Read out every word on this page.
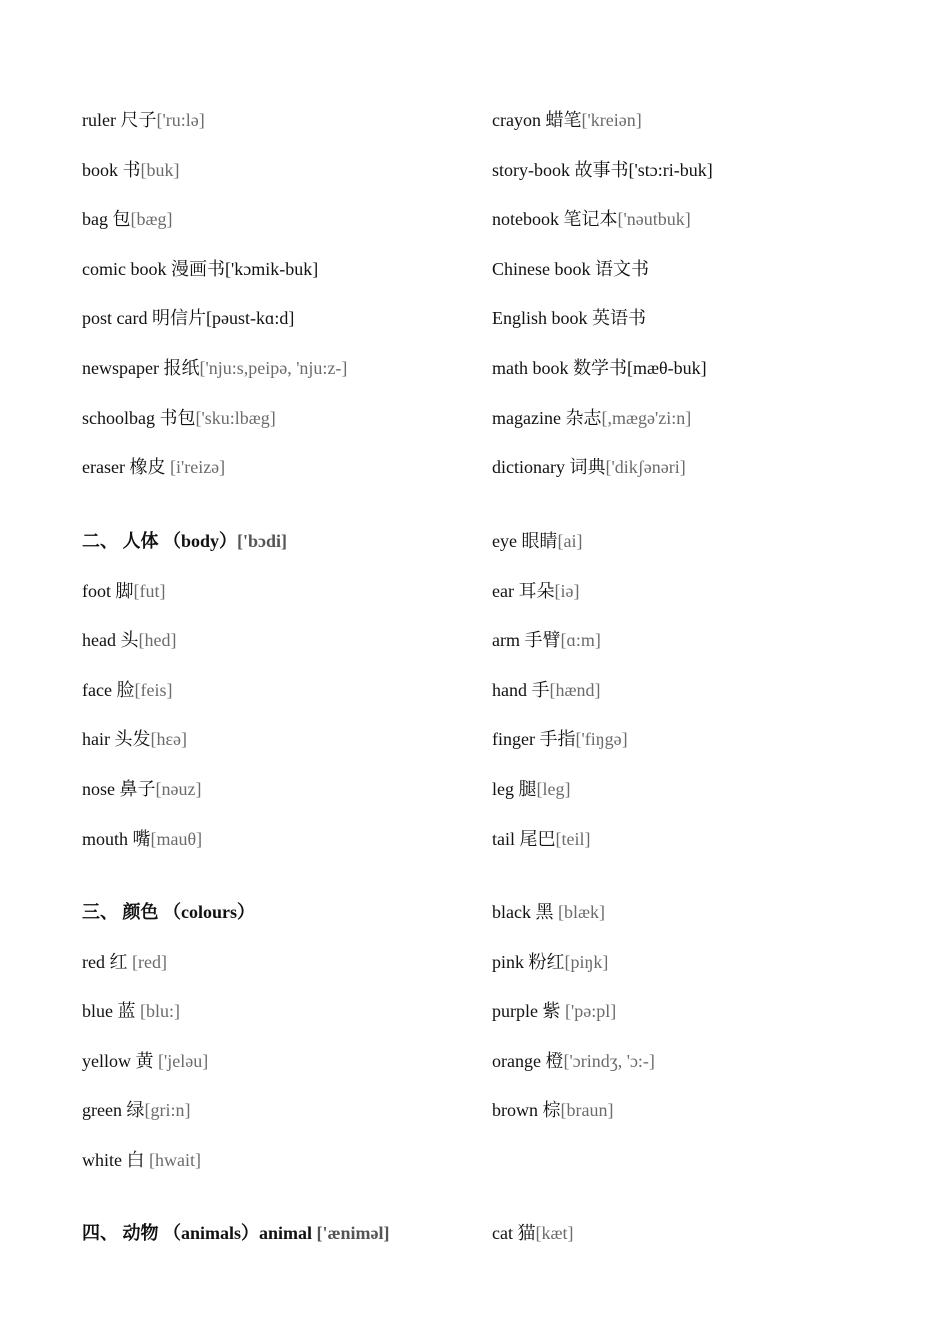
ruler 尺子['ru:lə]	crayon 蜡笔['kreiən]
book 书[buk]	story-book 故事书['stɔ:ri-buk]
bag 包[bæg]	notebook 笔记本['nəutbuk]
comic book 漫画书['kɔmik-buk]	Chinese book 语文书
post card 明信片[pəust-kɑ:d]	English book 英语书
newspaper 报纸['nju:s,peipə, 'nju:z-]	math book 数学书[mæθ-buk]
schoolbag 书包['sku:lbæg]	magazine 杂志[,mægə'zi:n]
eraser 橡皮 [i'reizə]	dictionary 词典['dikʃənəri]
二、 人体 （body）['bɔdi]	eye 眼睛[ai]
foot 脚[fut]	ear 耳朵[iə]
head 头[hed]	arm 手臂[ɑ:m]
face 脸[feis]	hand 手[hænd]
hair 头发[hɛə]	finger 手指['fiŋgə]
nose 鼻子[nəuz]	leg 腿[leg]
mouth 嘴[mauθ]	tail 尾巴[teil]
三、 颜色 （colours）	black 黑 [blæk]
red 红 [red]	pink 粉红[piŋk]
blue 蓝 [blu:]	purple 紫 ['pə:pl]
yellow 黄 ['jeləu]	orange 橙['ɔrindʒ, 'ɔ:-]
green 绿[gri:n]	brown 棕[braun]
white 白 [hwait]
四、 动物 （animals）animal ['ænimәl]	cat 猫[kæt]
